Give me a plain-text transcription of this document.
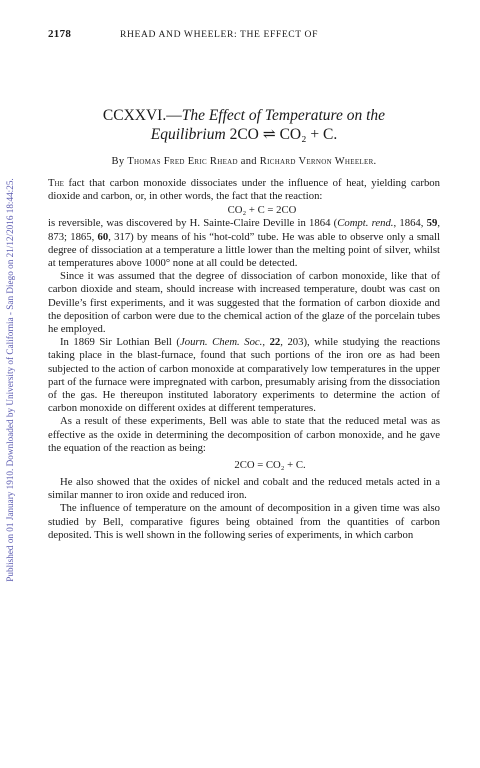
Published on 01 January 1910. Downloaded by University of California - San Diego on 21/12/2016 18:44:25.
2178	RHEAD AND WHEELER: THE EFFECT OF
CCXXVI.—The Effect of Temperature on the
Equilibrium 2CO ⇌ CO₂ + C.
By Thomas Fred Eric Rhead and Richard Vernon Wheeler.

The fact that carbon monoxide dissociates under the influence of heat, yielding carbon dioxide and carbon, or, in other words, the fact that the reaction:

CO₂ + C = 2CO

is reversible, was discovered by H. Sainte-Claire Deville in 1864 (Compt. rend., 1864, 59, 873; 1865, 60, 317) by means of his “hot-cold” tube. He was able to observe only a small degree of dissociation at a temperature a little lower than the melting point of silver, whilst at temperatures above 1000° none at all could be detected.

Since it was assumed that the degree of dissociation of carbon monoxide, like that of carbon dioxide and steam, should increase with increased temperature, doubt was cast on Deville’s first experiments, and it was suggested that the formation of carbon dioxide and the deposition of carbon were due to the chemical action of the glaze of the porcelain tubes he employed.

In 1869 Sir Lothian Bell (Journ. Chem. Soc., 22, 203), while studying the reactions taking place in the blast-furnace, found that such portions of the iron ore as had been subjected to the action of carbon monoxide at comparatively low temperatures in the upper part of the furnace were impregnated with carbon, presumably arising from the dissociation of the gas. He thereupon instituted laboratory experiments to determine the action of carbon monoxide on different oxides at different temperatures.

As a result of these experiments, Bell was able to state that the reduced metal was as effective as the oxide in determining the decomposition of carbon monoxide, and he gave the equation of the reaction as being:

2CO = CO₂ + C.

He also showed that the oxides of nickel and cobalt and the reduced metals acted in a similar manner to iron oxide and reduced iron.

The influence of temperature on the amount of decomposition in a given time was also studied by Bell, comparative figures being obtained from the quantities of carbon deposited. This is well shown in the following series of experiments, in which carbon
